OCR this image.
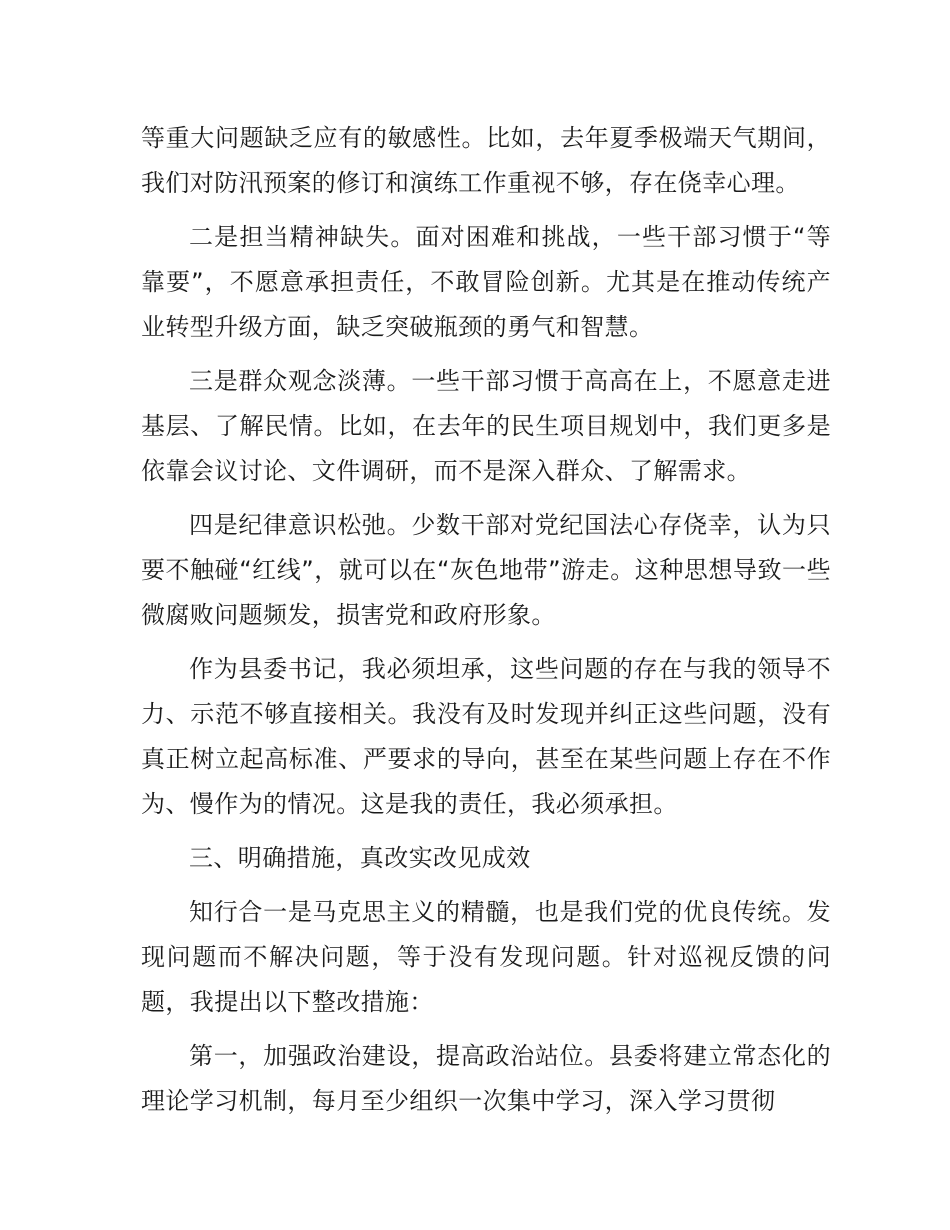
等重大问题缺乏应有的敏感性。比如，去年夏季极端天气期间，我们对防汛预案的修订和演练工作重视不够，存在侥幸心理。

二是担当精神缺失。面对困难和挑战，一些干部习惯于“等靠要”，不愿意承担责任，不敢冒险创新。尤其是在推动传统产业转型升级方面，缺乏突破瓶颈的勇气和智慧。

三是群众观念淡薄。一些干部习惯于高高在上，不愿意走进基层、了解民情。比如，在去年的民生项目规划中，我们更多是依靠会议讨论、文件调研，而不是深入群众、了解需求。

四是纪律意识松弛。少数干部对党纪国法心存侥幸，认为只要不触碰“红线”，就可以在“灰色地带”游走。这种思想导致一些微腐败问题频发，损害党和政府形象。

作为县委书记，我必须坦承，这些问题的存在与我的领导不力、示范不够直接相关。我没有及时发现并纠正这些问题，没有真正树立起高标准、严要求的导向，甚至在某些问题上存在不作为、慢作为的情况。这是我的责任，我必须承担。

三、明确措施，真改实改见成效

知行合一是马克思主义的精髓，也是我们党的优良传统。发现问题而不解决问题，等于没有发现问题。针对巡视反馈的问题，我提出以下整改措施：

第一，加强政治建设，提高政治站位。县委将建立常态化的理论学习机制，每月至少组织一次集中学习，深入学习贯彻
